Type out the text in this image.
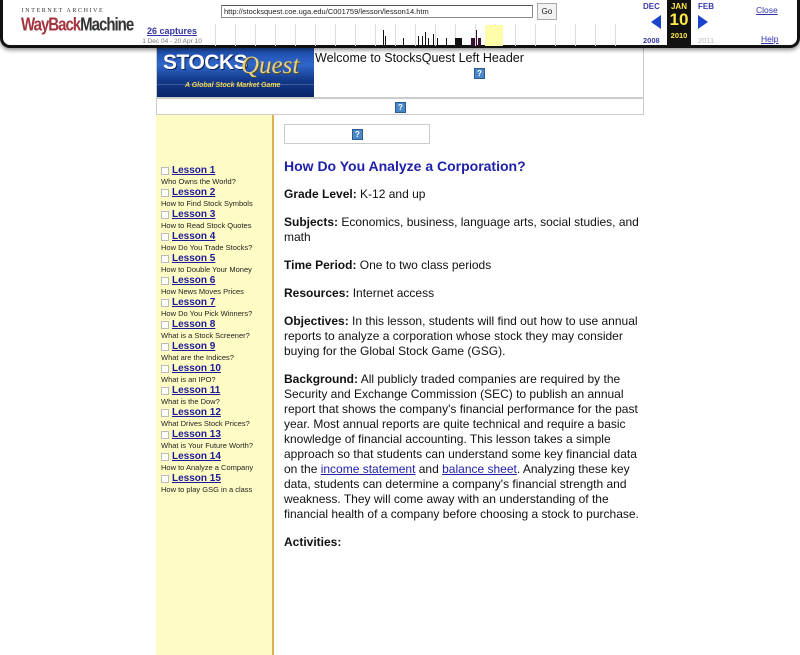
INTERNET ARCHIVE
WayBackMachine	26 captures
1 Dec 04 - 20 Apr 10
http://stocksquest.coe.uga.edu/C001759/lesson/lesson14.htm	Go
DEC
2008
JAN
10
2010
FEB
2011
Close
Help
STOCKS
Quest
A Global Stock Market Game
Welcome to StocksQuest Left Header
?
?
Lesson 1
Who Owns the World?
Lesson 2
How to Find Stock Symbols
Lesson 3
How to Read Stock Quotes
Lesson 4
How Do You Trade Stocks?
Lesson 5
How to Double Your Money
Lesson 6
How News Moves Prices
Lesson 7
How Do You Pick Winners?
Lesson 8
What is a Stock Screener?
Lesson 9
What are the Indices?
Lesson 10
What is an IPO?
Lesson 11
What is the Dow?
Lesson 12
What Drives Stock Prices?
Lesson 13
What is Your Future Worth?
Lesson 14
How to Analyze a Company
Lesson 15
How to play GSG in a class
?
How Do You Analyze a Corporation?

Grade Level: K-12 and up

Subjects: Economics, business, language arts, social studies, and math

Time Period: One to two class periods

Resources: Internet access

Objectives: In this lesson, students will find out how to use annual reports to analyze a corporation whose stock they may consider buying for the Global Stock Game (GSG).

Background: All publicly traded companies are required by the Security and Exchange Commission (SEC) to publish an annual report that shows the company's financial performance for the past year. Most annual reports are quite technical and require a basic knowledge of financial accounting. This lesson takes a simple approach so that students can understand some key financial data on the income statement and balance sheet. Analyzing these key data, students can determine a company's financial strength and weakness. They will come away with an understanding of the financial health of a company before choosing a stock to purchase.

Activities:
